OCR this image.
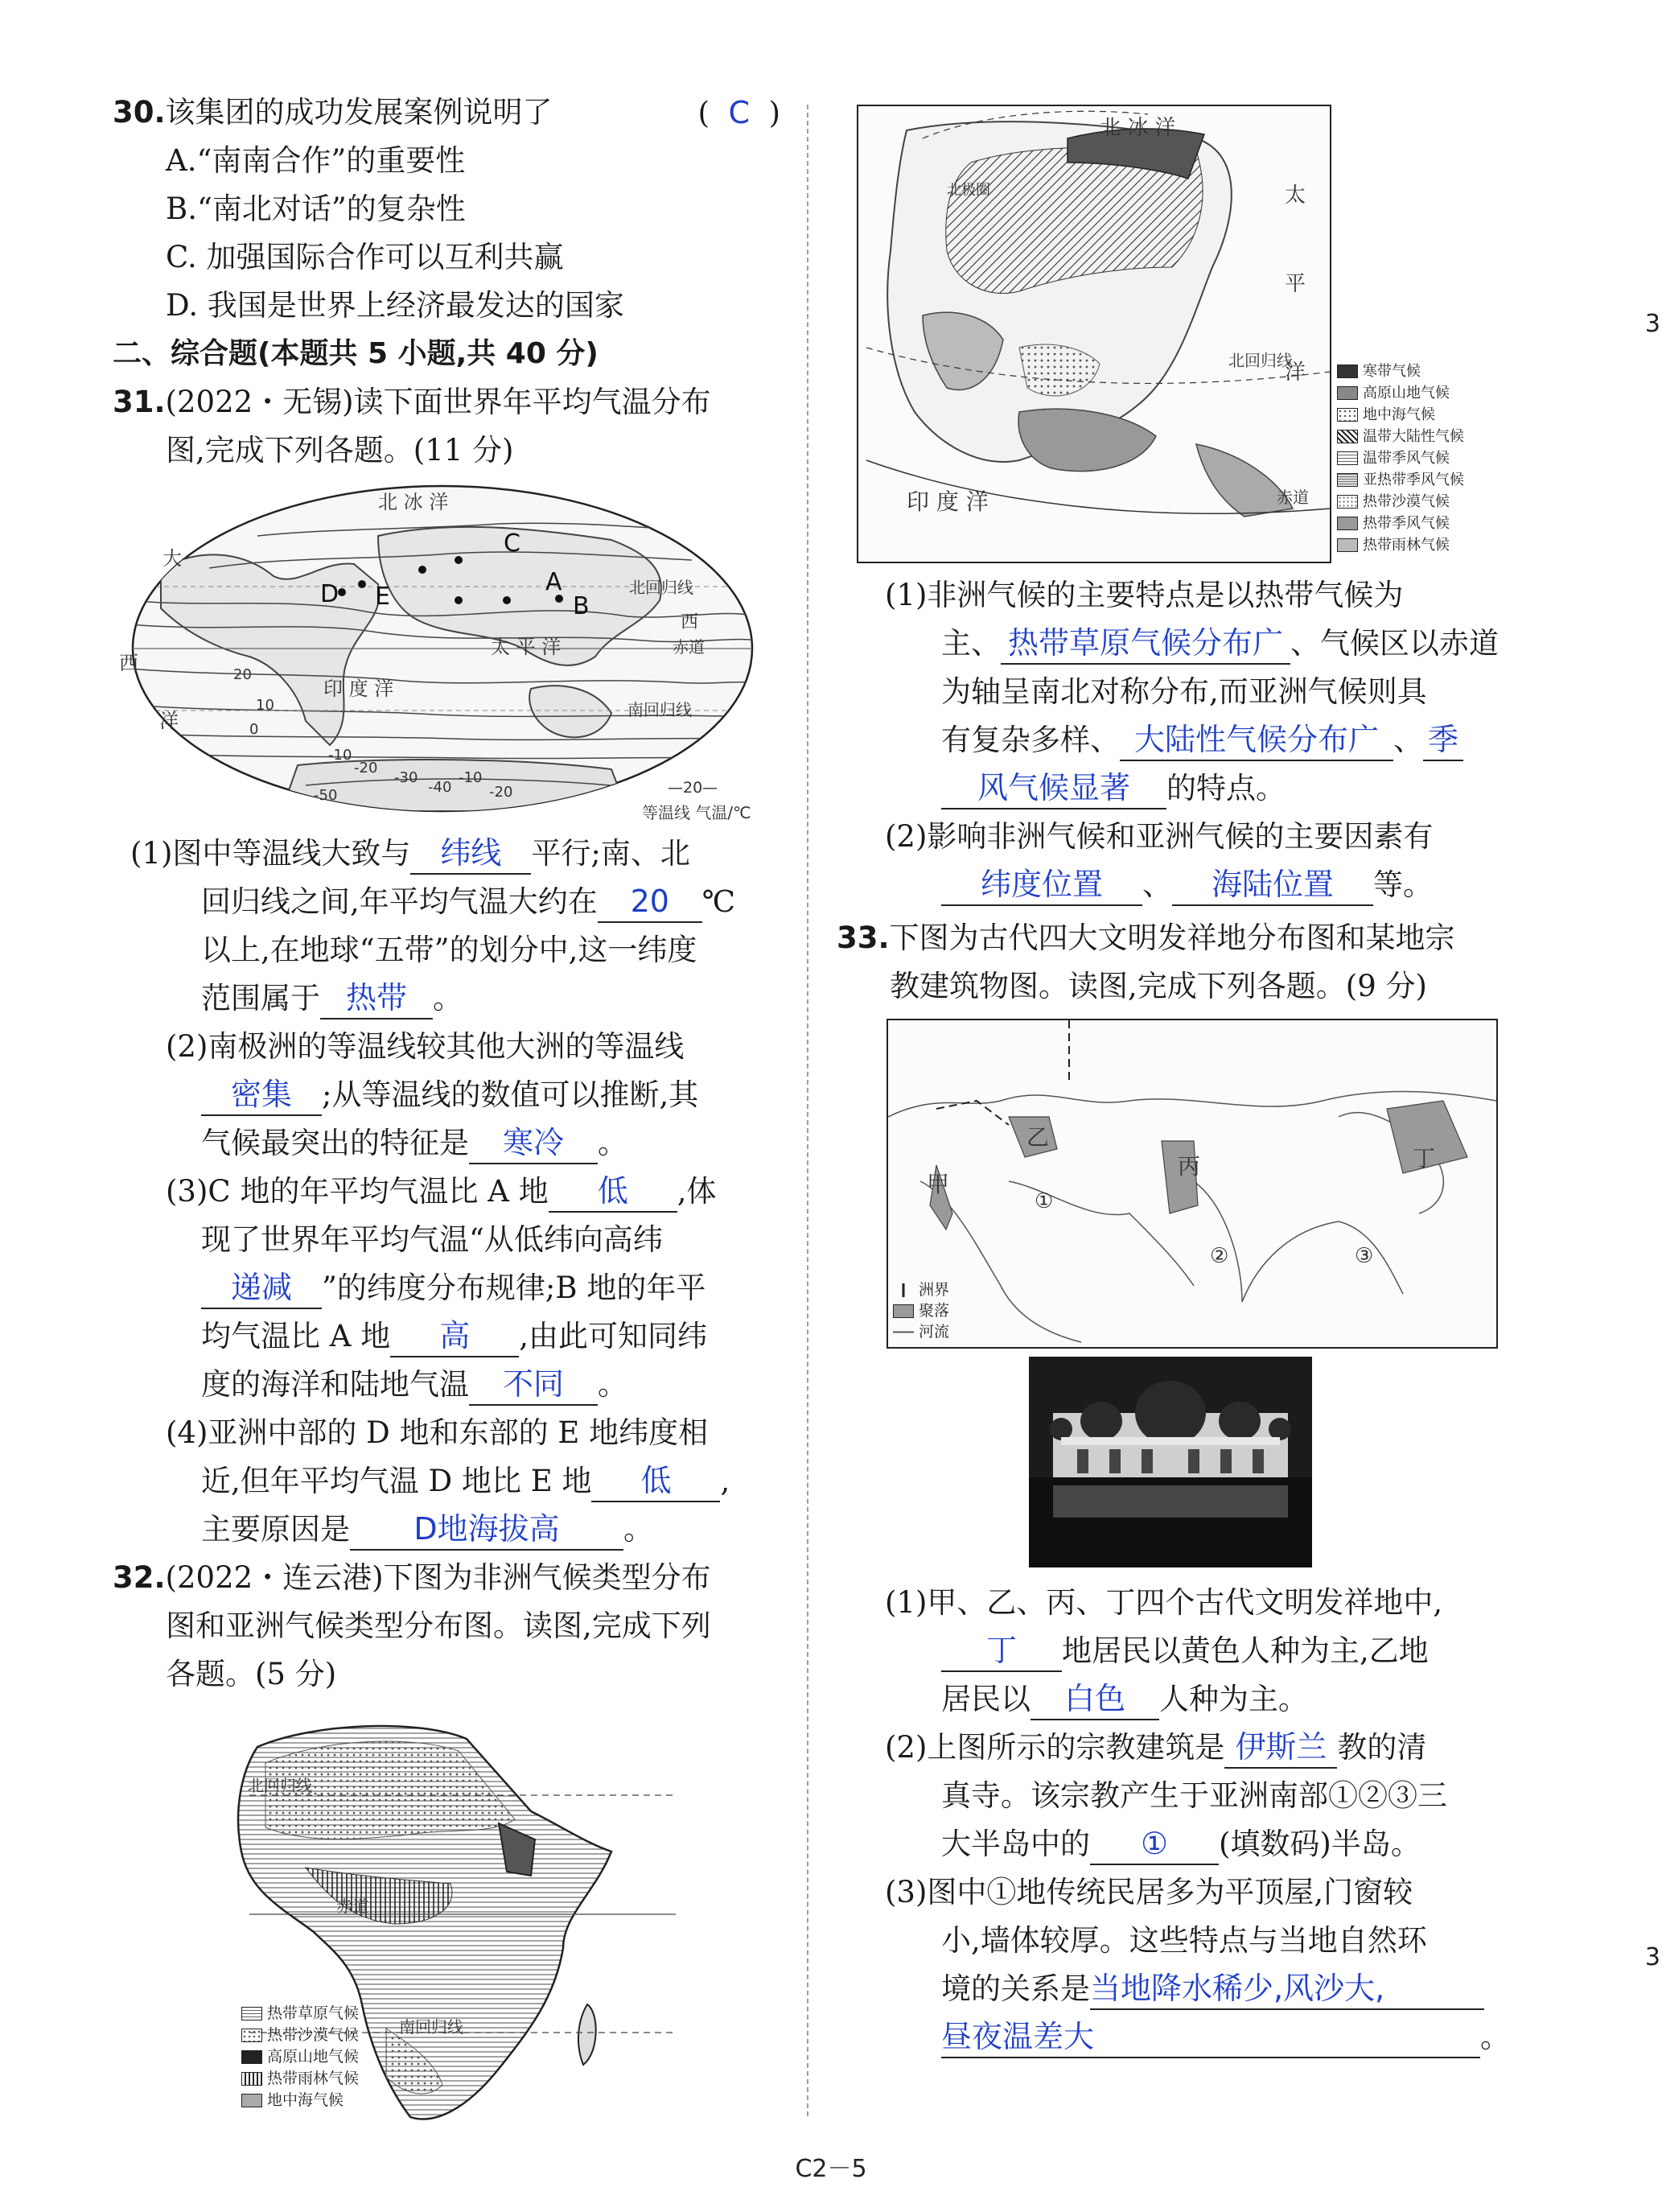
30.该集团的成功发展案例说明了	( C )
A.“南南合作”的重要性
B.“南北对话”的复杂性
C. 加强国际合作可以互利共赢
D. 我国是世界上经济最发达的国家
二、综合题(本题共 5 小题,共 40 分)
31.(2022・无锡)读下面世界年平均气温分布
图,完成下列各题。(11 分)
北 冰 洋
大
西
洋
C
D E
A
B
北回归线
太 平 洋
西
赤道
印 度 洋
南回归线
20
10
0
-10
-20
-30
-40
-50	-20
-10
—20—
等温线 气温/℃
(1)图中等温线大致与 纬线 平行;南、北
回归线之间,年平均气温大约在 20 ℃
以上,在地球“五带”的划分中,这一纬度
范围属于 热带 。
(2)南极洲的等温线较其他大洲的等温线
密集 ;从等温线的数值可以推断,其
气候最突出的特征是 寒冷 。
(3)C 地的年平均气温比 A 地 低 ,体
现了世界年平均气温“从低纬向高纬
递减 ”的纬度分布规律;B 地的年平
均气温比 A 地 高 ,由此可知同纬
度的海洋和陆地气温 不同 。
(4)亚洲中部的 D 地和东部的 E 地纬度相
近,但年平均气温 D 地比 E 地 低 ,
主要原因是 D地海拔高 。
32.(2022・连云港)下图为非洲气候类型分布
图和亚洲气候类型分布图。读图,完成下列
各题。(5 分)
北回归线
赤道
南回归线
热带草原气候
热带沙漠气候
高原山地气候
热带雨林气候
地中海气候
北 冰 洋
太
平
洋
北回归线
赤道
印 度 洋
北极圈
寒带气候
高原山地气候
地中海气候
温带大陆性气候
温带季风气候
亚热带季风气候
热带沙漠气候
热带季风气候
热带雨林气候
(1)非洲气候的主要特点是以热带气候为
主、 热带草原气候分布广 、气候区以赤道
为轴呈南北对称分布,而亚洲气候则具
有复杂多样、 大陆性气候分布广 、 季
风气候显著 的特点。
(2)影响非洲气候和亚洲气候的主要因素有
纬度位置 、 海陆位置 等。
33.下图为古代四大文明发祥地分布图和某地宗
教建筑物图。读图,完成下列各题。(9 分)
甲
乙
丙	丁
①
②	③
洲界
聚落
河流
(1)甲、乙、丙、丁四个古代文明发祥地中,
丁 地居民以黄色人种为主,乙地
居民以 白色 人种为主。
(2)上图所示的宗教建筑是 伊斯兰 教的清
真寺。该宗教产生于亚洲南部①②③三
大半岛中的 ① (填数码)半岛。
(3)图中①地传统民居多为平顶屋,门窗较
小,墙体较厚。这些特点与当地自然环
境的关系是当地降水稀少,风沙大,
昼夜温差大	。
3
3
C2－5
